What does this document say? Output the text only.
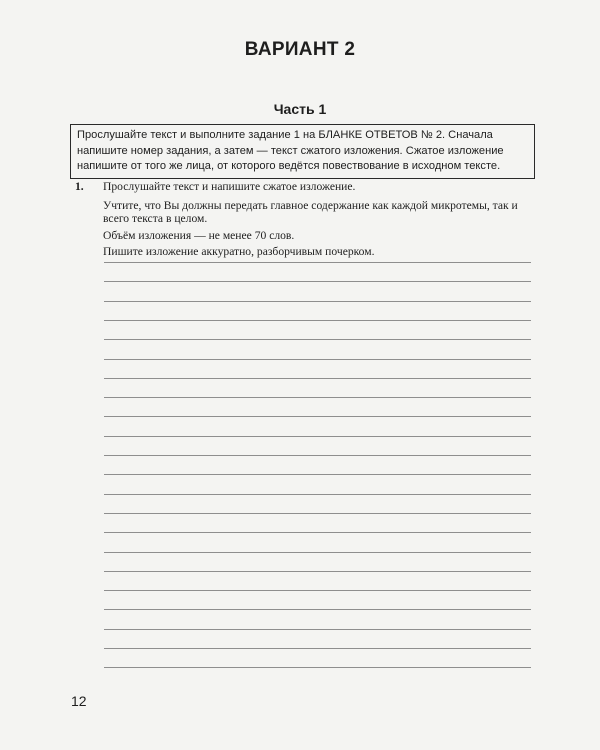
ВАРИАНТ 2
Часть 1
Прослушайте текст и выполните задание 1 на БЛАНКЕ ОТВЕТОВ № 2. Сначала напишите номер задания, а затем — текст сжатого изложения. Сжатое изложение напишите от того же лица, от которого ведётся повествование в исходном тексте.
1. Прослушайте текст и напишите сжатое изложение.

Учтите, что Вы должны передать главное содержание как каждой микротемы, так и всего текста в целом.

Объём изложения — не менее 70 слов.

Пишите изложение аккуратно, разборчивым почерком.

12
